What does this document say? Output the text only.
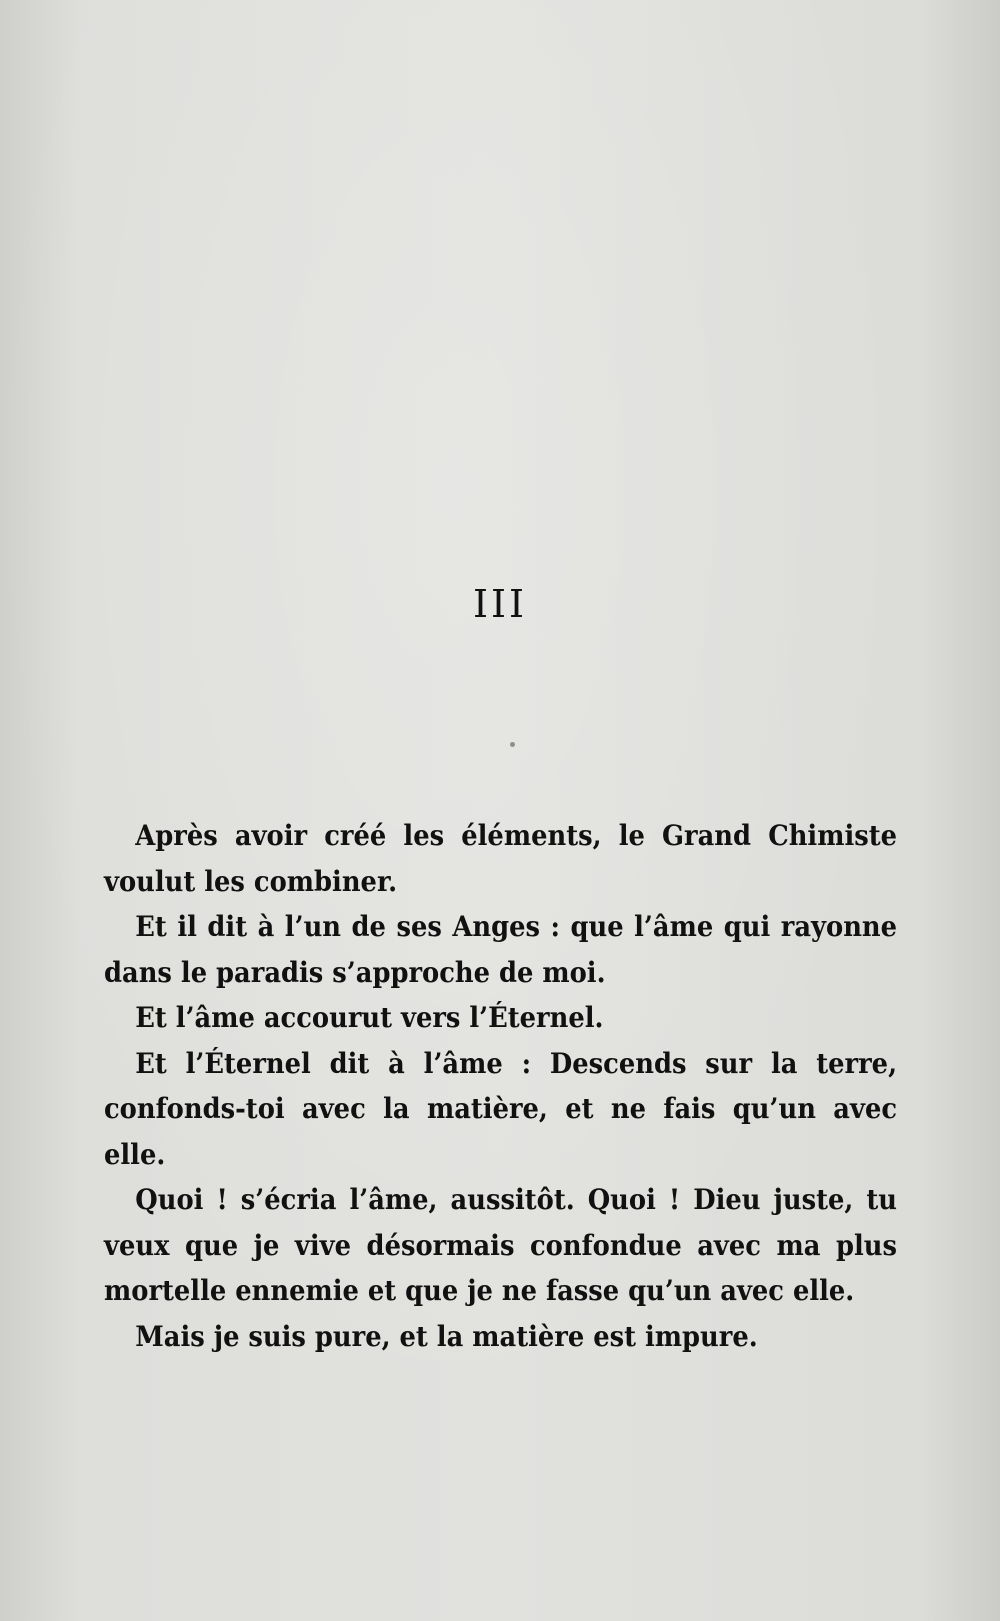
III

Après avoir créé les éléments, le Grand Chimiste voulut les combiner.

Et il dit à l’un de ses Anges : que l’âme qui rayonne dans le paradis s’approche de moi.

Et l’âme accourut vers l’Éternel.

Et l’Éternel dit à l’âme : Descends sur la terre, confonds-toi avec la matière, et ne fais qu’un avec elle.

Quoi ! s’écria l’âme, aussitôt. Quoi ! Dieu juste, tu veux que je vive désormais confondue avec ma plus mortelle ennemie et que je ne fasse qu’un avec elle.

Mais je suis pure, et la matière est impure.
